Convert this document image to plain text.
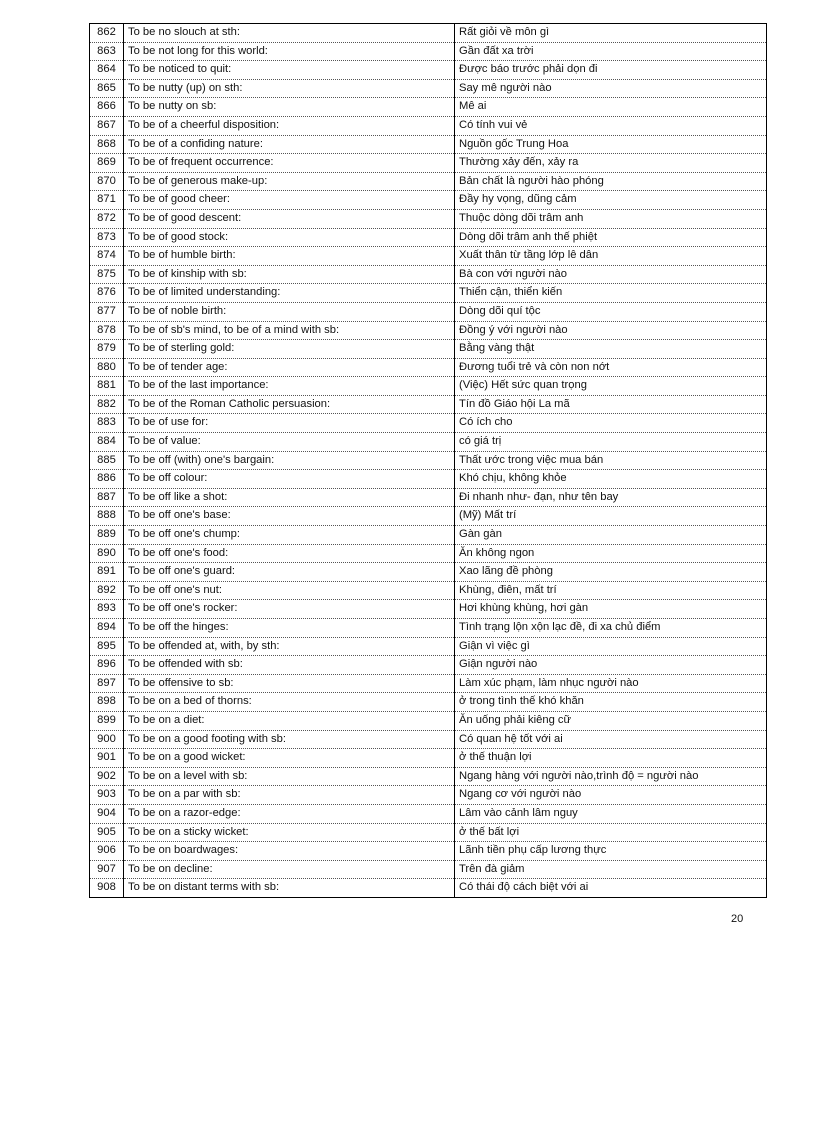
862	To be no slouch at sth:	Rất giỏi về môn gì
863	To be not long for this world:	Gần đất xa trời
864	To be noticed to quit:	Được báo trước phải dọn đi
865	To be nutty (up) on sth:	Say mê người nào
866	To be nutty on sb:	Mê ai
867	To be of a cheerful disposition:	Có tính vui vẻ
868	To be of a confiding nature:	Nguồn gốc Trung Hoa
869	To be of frequent occurrence:	Thường xảy đến, xảy ra
870	To be of generous make-up:	Bản chất là người hào phóng
871	To be of good cheer:	Đầy hy vọng, dũng cảm
872	To be of good descent:	Thuộc dòng dõi trâm anh
873	To be of good stock:	Dòng dõi trâm anh thế phiệt
874	To be of humble birth:	Xuất thân từ tầng lớp lê dân
875	To be of kinship with sb:	Bà con với người nào
876	To be of limited understanding:	Thiển cận, thiển kiến
877	To be of noble birth:	Dòng dõi quí tộc
878	To be of sb's mind, to be of a mind with sb:	Đồng ý với người nào
879	To be of sterling gold:	Bằng vàng thật
880	To be of tender age:	Đương tuổi trẻ và còn non nớt
881	To be of the last importance:	(Việc) Hết sức quan trọng
882	To be of the Roman Catholic persuasion:	Tín đồ Giáo hội La mã
883	To be of use for:	Có ích cho
884	To be of value:	có giá trị
885	To be off (with) one's bargain:	Thất ước trong việc mua bán
886	To be off colour:	Khó chịu, không khỏe
887	To be off like a shot:	Đi nhanh như- đạn, như tên bay
888	To be off one's base:	(Mỹ) Mất trí
889	To be off one's chump:	Gàn gàn
890	To be off one's food:	Ăn không ngon
891	To be off one's guard:	Xao lãng đề phòng
892	To be off one's nut:	Khùng, điên, mất trí
893	To be off one's rocker:	Hơi khùng khùng, hơi gàn
894	To be off the hinges:	Tình trạng lộn xộn lạc đề, đi xa chủ điểm
895	To be offended at, with, by sth:	Giận vì việc gì
896	To be offended with sb:	Giận người nào
897	To be offensive to sb:	Làm xúc phạm, làm nhục người nào
898	To be on a bed of thorns:	ở trong tình thế khó khăn
899	To be on a diet:	Ăn uống phải kiêng cữ
900	To be on a good footing with sb:	Có quan hệ tốt với ai
901	To be on a good wicket:	ở thế thuận lợi
902	To be on a level with sb:	Ngang hàng với người nào,trình độ = người nào
903	To be on a par with sb:	Ngang cơ với người nào
904	To be on a razor-edge:	Lâm vào cảnh lâm nguy
905	To be on a sticky wicket:	ở thế bất lợi
906	To be on boardwages:	Lãnh tiền phụ cấp lương thực
907	To be on decline:	Trên đà giảm
908	To be on distant terms with sb:	Có thái độ cách biệt với ai
20
